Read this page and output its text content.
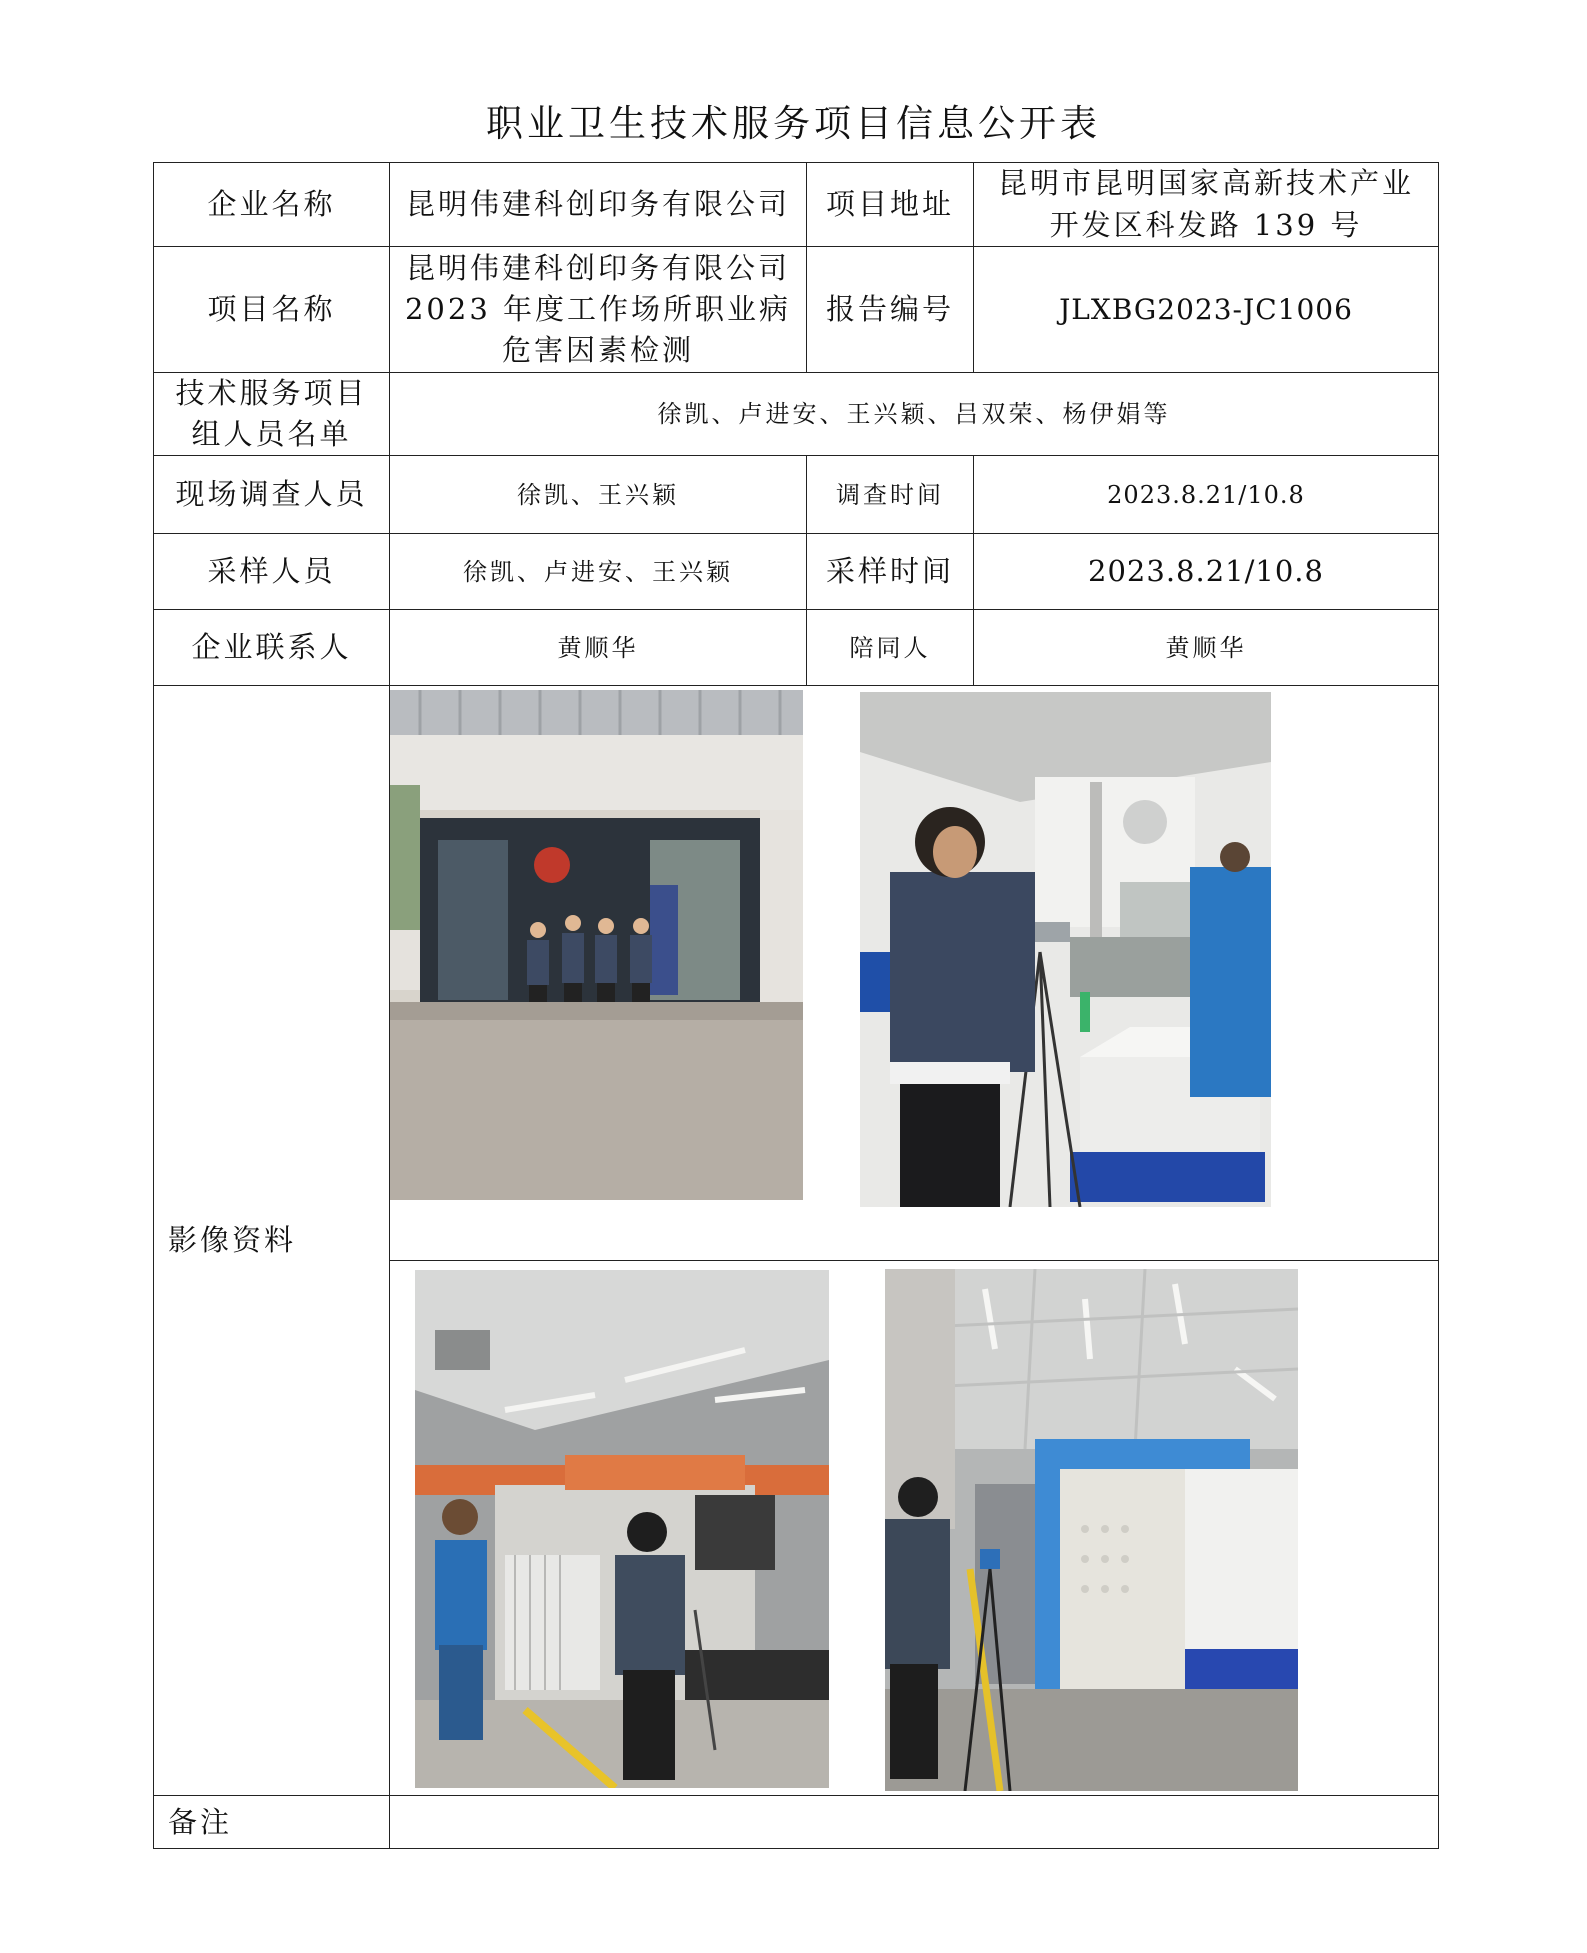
职业卫生技术服务项目信息公开表
企业名称	昆明伟建科创印务有限公司	项目地址	昆明市昆明国家高新技术产业开发区科发路 139 号
项目名称	昆明伟建科创印务有限公司2023 年度工作场所职业病危害因素检测	报告编号	JLXBG2023-JC1006
技术服务项目组人员名单	徐凯、卢进安、王兴颖、吕双荣、杨伊娟等		
现场调查人员	徐凯、王兴颖	调查时间	2023.8.21/10.8
采样人员	徐凯、卢进安、王兴颖	采样时间	2023.8.21/10.8
企业联系人	黄顺华	陪同人	黄顺华
影像资料			

备注			
